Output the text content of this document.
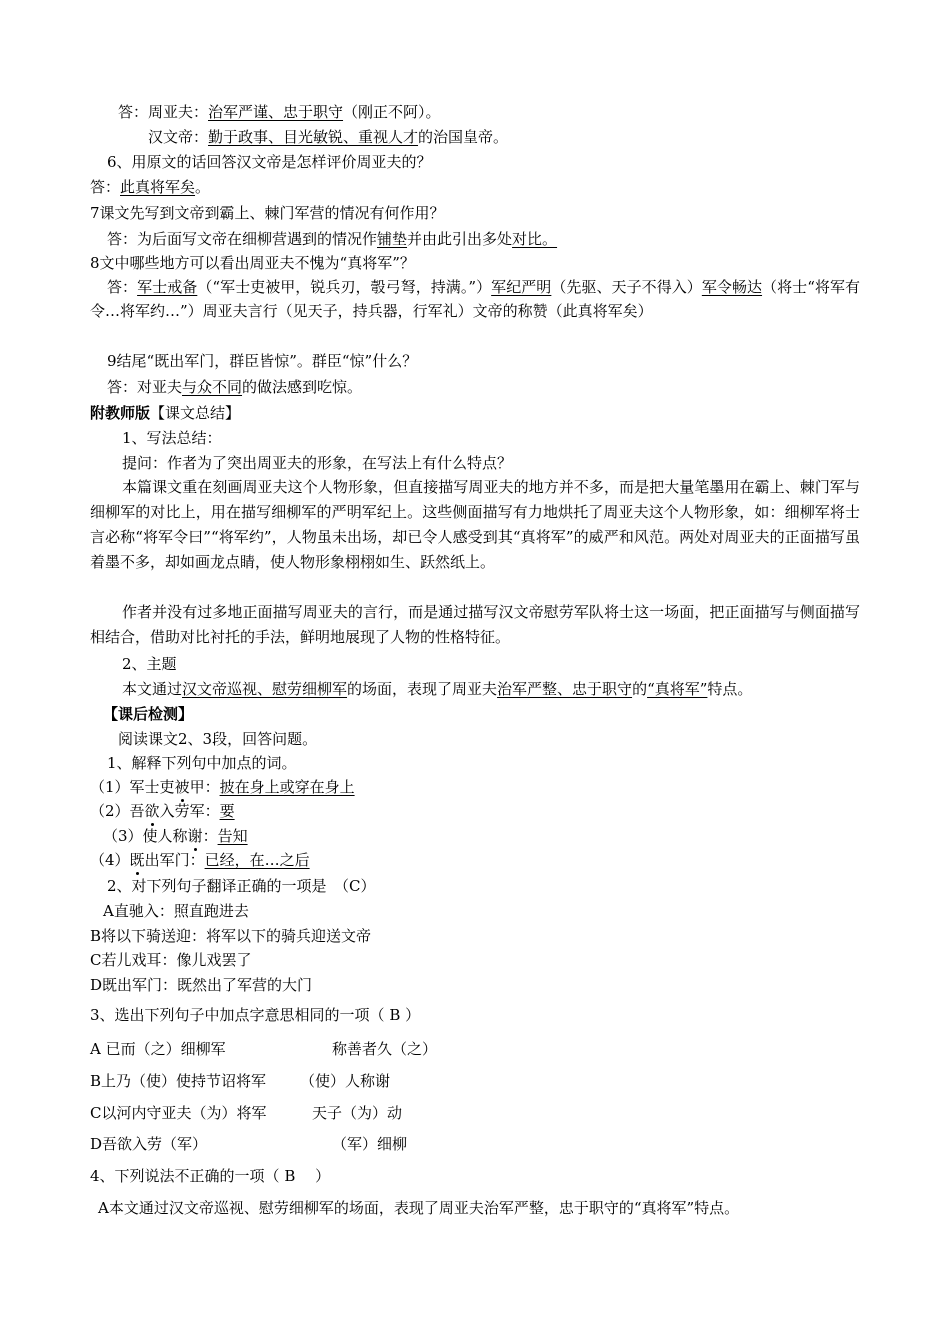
答：周亚夫：治军严谨、忠于职守（刚正不阿）。
汉文帝：勤于政事、目光敏锐、重视人才的治国皇帝。
6、用原文的话回答汉文帝是怎样评价周亚夫的？
答：此真将军矣。
7课文先写到文帝到霸上、棘门军营的情况有何作用？
答：为后面写文帝在细柳营遇到的情况作铺垫并由此引出多处对比。
8文中哪些地方可以看出周亚夫不愧为“真将军”？
答：军士戒备（“军士吏被甲，锐兵刃，彀弓弩，持满。”）军纪严明（先驱、天子不得入）军令畅达（将士“将军有令…将军约…”）周亚夫言行（见天子，持兵器，行军礼）文帝的称赞（此真将军矣）
9结尾“既出军门，群臣皆惊”。群臣“惊”什么？
答：对亚夫与众不同的做法感到吃惊。
附教师版【课文总结】
1、写法总结：
提问：作者为了突出周亚夫的形象，在写法上有什么特点？
本篇课文重在刻画周亚夫这个人物形象，但直接描写周亚夫的地方并不多，而是把大量笔墨用在霸上、棘门军与细柳军的对比上，用在描写细柳军的严明军纪上。这些侧面描写有力地烘托了周亚夫这个人物形象，如：细柳军将士言必称“将军令曰”“将军约”，人物虽未出场，却已令人感受到其“真将军”的威严和风范。两处对周亚夫的正面描写虽着墨不多，却如画龙点睛，使人物形象栩栩如生、跃然纸上。
作者并没有过多地正面描写周亚夫的言行，而是通过描写汉文帝慰劳军队将士这一场面，把正面描写与侧面描写相结合，借助对比衬托的手法，鲜明地展现了人物的性格特征。
2、主题
本文通过汉文帝巡视、慰劳细柳军的场面，表现了周亚夫治军严整、忠于职守的“真将军”特点。
【课后检测】
阅读课文2、3段，回答问题。
1、解释下列句中加点的词。
（1）军士吏被甲：披在身上或穿在身上
（2）吾欲入劳军：要
（3）使人称谢：告知
（4）既出军门：已经，在…之后
2、对下列句子翻译正确的一项是　（C）
A直驰入：照直跑进去
B将以下骑送迎：将军以下的骑兵迎送文帝
C若儿戏耳：像儿戏罢了
D既出军门：既然出了军营的大门
3、选出下列句子中加点字意思相同的一项（ B ）
A 已而（之）细柳军	称善者久（之）
B上乃（使）使持节诏将军 （使）人称谢
C以河内守亚夫（为）将军	天子（为）动
D吾欲入劳（军）	（军）细柳
4、下列说法不正确的一项（ B　 ）
A本文通过汉文帝巡视、慰劳细柳军的场面，表现了周亚夫治军严整，忠于职守的“真将军”特点。
